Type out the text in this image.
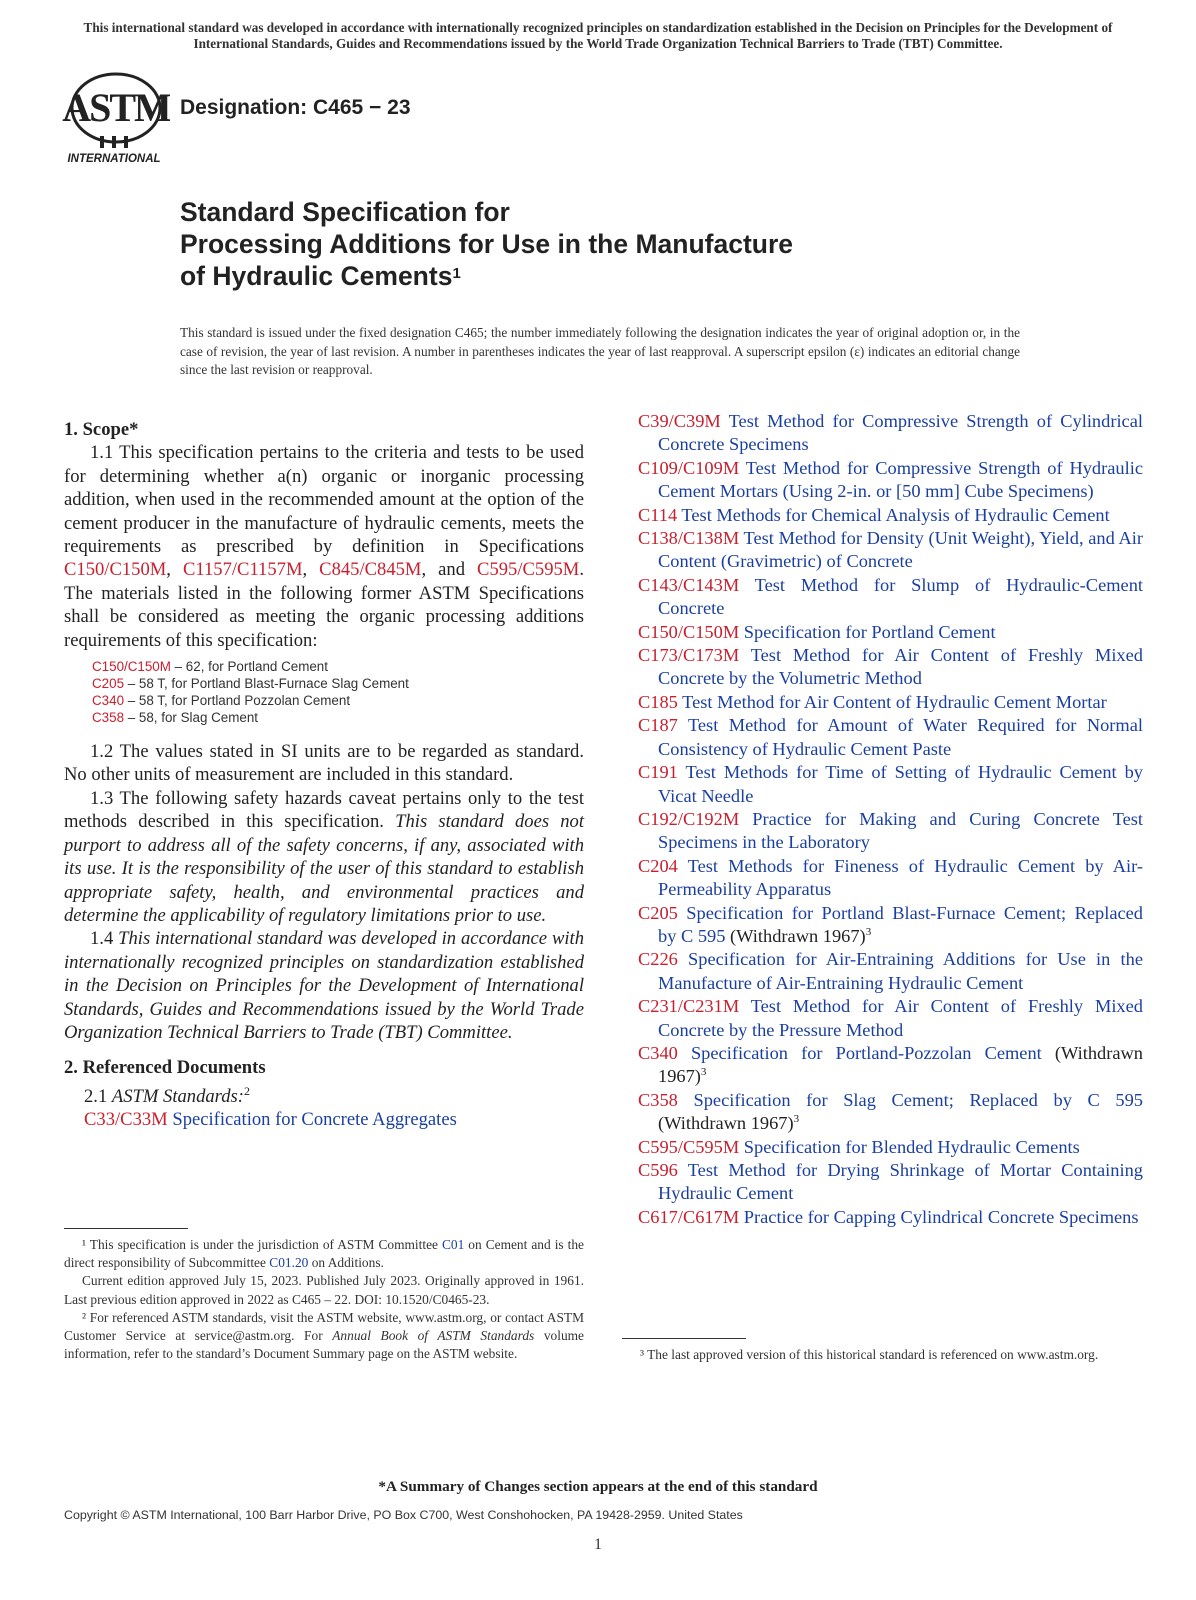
This international standard was developed in accordance with internationally recognized principles on standardization established in the Decision on Principles for the Development of International Standards, Guides and Recommendations issued by the World Trade Organization Technical Barriers to Trade (TBT) Committee.
ASTM
INTERNATIONAL
Designation: C465 − 23
Standard Specification for
Processing Additions for Use in the Manufacture
of Hydraulic Cements$^1$
This standard is issued under the fixed designation C465; the number immediately following the designation indicates the year of original adoption or, in the case of revision, the year of last revision. A number in parentheses indicates the year of last reapproval. A superscript epsilon (ε) indicates an editorial change since the last revision or reapproval.

1. Scope*

1.1 This specification pertains to the criteria and tests to be used for determining whether a(n) organic or inorganic processing addition, when used in the recommended amount at the option of the cement producer in the manufacture of hydraulic cements, meets the requirements as prescribed by definition in Specifications C150/C150M, C1157/C1157M, C845/C845M, and C595/C595M. The materials listed in the following former ASTM Specifications shall be considered as meeting the organic processing additions requirements of this specification:

C150/C150M – 62, for Portland Cement
C205 – 58 T, for Portland Blast-Furnace Slag Cement
C340 – 58 T, for Portland Pozzolan Cement
C358 – 58, for Slag Cement

1.2 The values stated in SI units are to be regarded as standard. No other units of measurement are included in this standard.

1.3 The following safety hazards caveat pertains only to the test methods described in this specification. This standard does not purport to address all of the safety concerns, if any, associated with its use. It is the responsibility of the user of this standard to establish appropriate safety, health, and environmental practices and determine the applicability of regulatory limitations prior to use.

1.4 This international standard was developed in accordance with internationally recognized principles on standardization established in the Decision on Principles for the Development of International Standards, Guides and Recommendations issued by the World Trade Organization Technical Barriers to Trade (TBT) Committee.

2. Referenced Documents

2.1 ASTM Standards:$^2$

C33/C33M Specification for Concrete Aggregates

¹ This specification is under the jurisdiction of ASTM Committee C01 on Cement and is the direct responsibility of Subcommittee C01.20 on Additions.

Current edition approved July 15, 2023. Published July 2023. Originally approved in 1961. Last previous edition approved in 2022 as C465 – 22. DOI: 10.1520/C0465-23.

² For referenced ASTM standards, visit the ASTM website, www.astm.org, or contact ASTM Customer Service at service@astm.org. For Annual Book of ASTM Standards volume information, refer to the standard’s Document Summary page on the ASTM website.

C39/C39M Test Method for Compressive Strength of Cylindrical Concrete Specimens

C109/C109M Test Method for Compressive Strength of Hydraulic Cement Mortars (Using 2-in. or [50 mm] Cube Specimens)

C114 Test Methods for Chemical Analysis of Hydraulic Cement

C138/C138M Test Method for Density (Unit Weight), Yield, and Air Content (Gravimetric) of Concrete

C143/C143M Test Method for Slump of Hydraulic-Cement Concrete

C150/C150M Specification for Portland Cement

C173/C173M Test Method for Air Content of Freshly Mixed Concrete by the Volumetric Method

C185 Test Method for Air Content of Hydraulic Cement Mortar

C187 Test Method for Amount of Water Required for Normal Consistency of Hydraulic Cement Paste

C191 Test Methods for Time of Setting of Hydraulic Cement by Vicat Needle

C192/C192M Practice for Making and Curing Concrete Test Specimens in the Laboratory

C204 Test Methods for Fineness of Hydraulic Cement by Air-Permeability Apparatus

C205 Specification for Portland Blast-Furnace Cement; Replaced by C 595 (Withdrawn 1967)$^3$

C226 Specification for Air-Entraining Additions for Use in the Manufacture of Air-Entraining Hydraulic Cement

C231/C231M Test Method for Air Content of Freshly Mixed Concrete by the Pressure Method

C340 Specification for Portland-Pozzolan Cement (Withdrawn 1967)$^3$

C358 Specification for Slag Cement; Replaced by C 595 (Withdrawn 1967)$^3$

C595/C595M Specification for Blended Hydraulic Cements

C596 Test Method for Drying Shrinkage of Mortar Containing Hydraulic Cement

C617/C617M Practice for Capping Cylindrical Concrete Specimens

³ The last approved version of this historical standard is referenced on www.astm.org.

*A Summary of Changes section appears at the end of this standard
Copyright © ASTM International, 100 Barr Harbor Drive, PO Box C700, West Conshohocken, PA 19428-2959. United States
1
